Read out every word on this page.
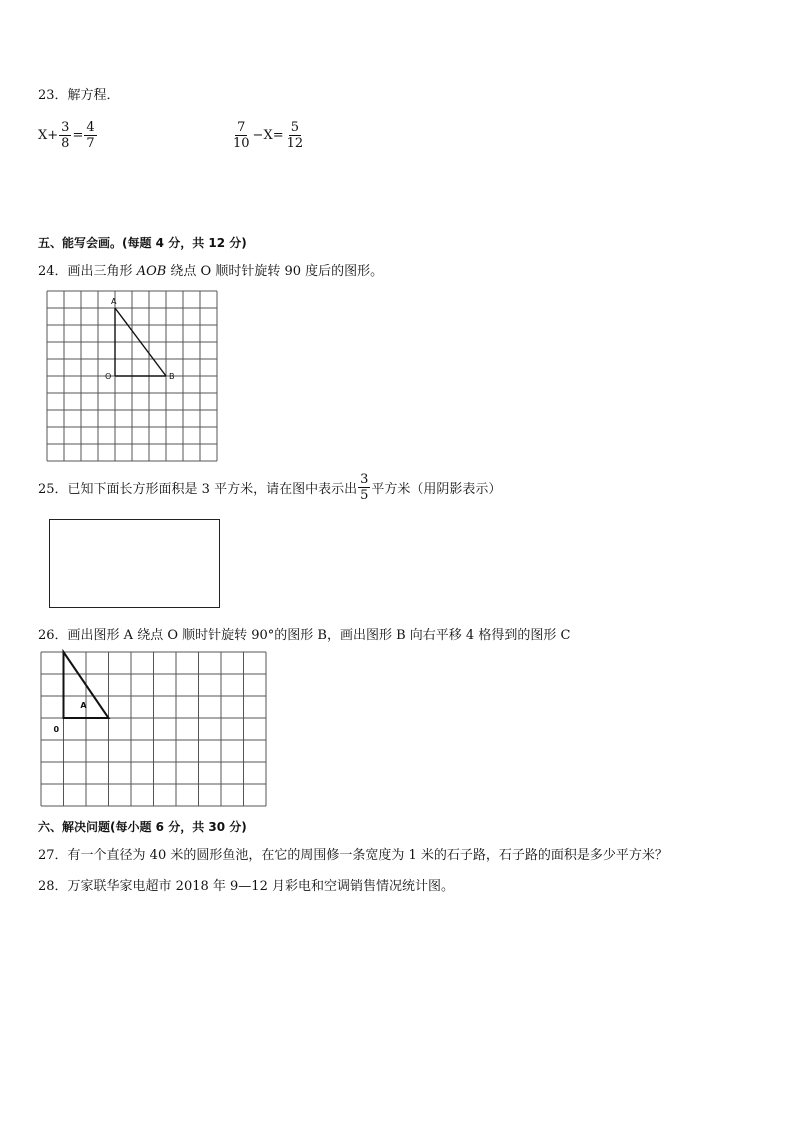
23．解方程．
$X+ \frac{3}{8} = \frac{4}{7}$	$\frac{7}{10} -X= \frac{5}{12}$
五、能写会画。(每题 4 分，共 12 分)
24．画出三角形 AOB 绕点 O 顺时针旋转 90 度后的图形。
A
O	B
25．已知下面长方形面积是 3 平方米，请在图中表示出 $\frac{3}{5}$ 平方米（用阴影表示）
26．画出图形 A 绕点 O 顺时针旋转 90°的图形 B，画出图形 B 向右平移 4 格得到的图形 C
A
0
六、解决问题(每小题 6 分，共 30 分)
27．有一个直径为 40 米的圆形鱼池，在它的周围修一条宽度为 1 米的石子路，石子路的面积是多少平方米？
28．万家联华家电超市 2018 年 9—12 月彩电和空调销售情况统计图。
